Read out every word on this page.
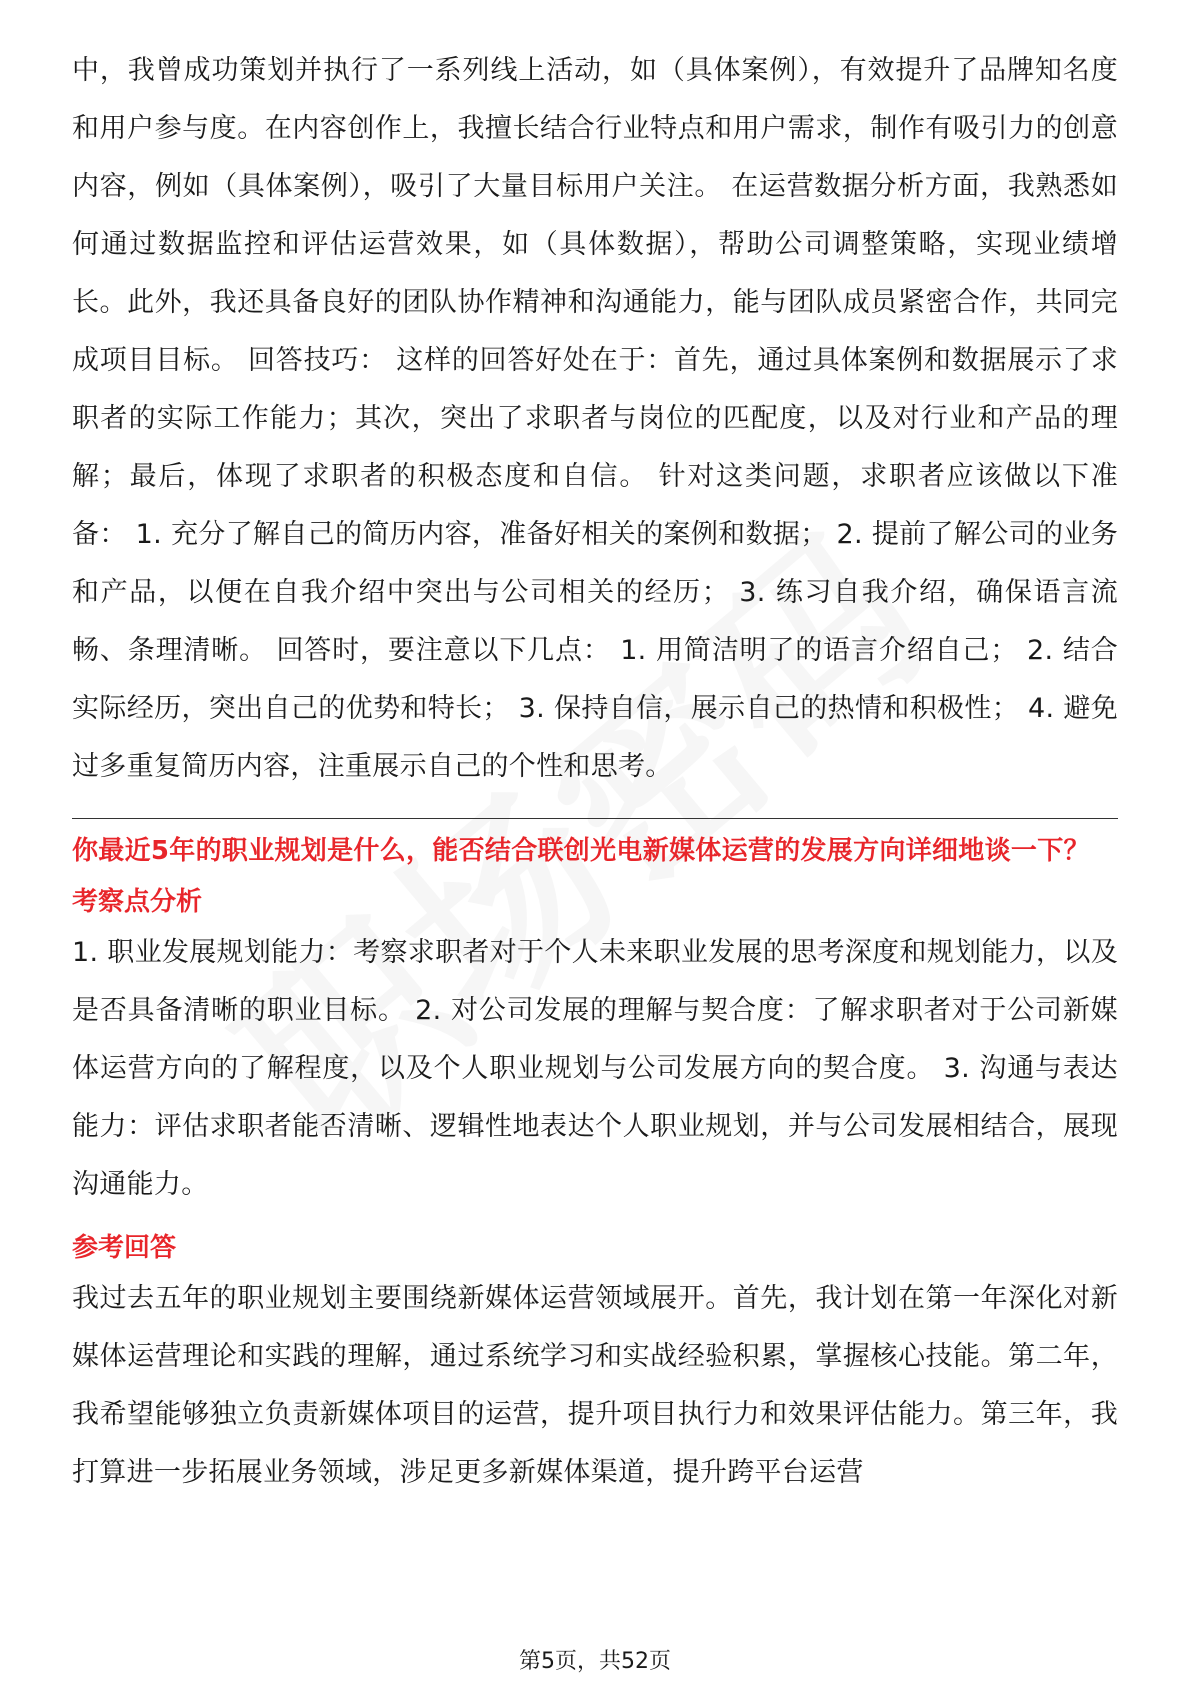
中，我曾成功策划并执行了一系列线上活动，如（具体案例），有效提升了品牌知名度和用户参与度。在内容创作上，我擅长结合行业特点和用户需求，制作有吸引力的创意内容，例如（具体案例），吸引了大量目标用户关注。 在运营数据分析方面，我熟悉如何通过数据监控和评估运营效果，如（具体数据），帮助公司调整策略，实现业绩增长。此外，我还具备良好的团队协作精神和沟通能力，能与团队成员紧密合作，共同完成项目目标。 回答技巧： 这样的回答好处在于：首先，通过具体案例和数据展示了求职者的实际工作能力；其次，突出了求职者与岗位的匹配度，以及对行业和产品的理解；最后，体现了求职者的积极态度和自信。 针对这类问题，求职者应该做以下准备： 1. 充分了解自己的简历内容，准备好相关的案例和数据； 2. 提前了解公司的业务和产品，以便在自我介绍中突出与公司相关的经历； 3. 练习自我介绍，确保语言流畅、条理清晰。 回答时，要注意以下几点： 1. 用简洁明了的语言介绍自己； 2. 结合实际经历，突出自己的优势和特长； 3. 保持自信，展示自己的热情和积极性； 4. 避免过多重复简历内容，注重展示自己的个性和思考。

你最近5年的职业规划是什么，能否结合联创光电新媒体运营的发展方向详细地谈一下？

考察点分析

1. 职业发展规划能力：考察求职者对于个人未来职业发展的思考深度和规划能力，以及是否具备清晰的职业目标。 2. 对公司发展的理解与契合度：了解求职者对于公司新媒体运营方向的了解程度，以及个人职业规划与公司发展方向的契合度。 3. 沟通与表达能力：评估求职者能否清晰、逻辑性地表达个人职业规划，并与公司发展相结合，展现沟通能力。

参考回答

我过去五年的职业规划主要围绕新媒体运营领域展开。首先，我计划在第一年深化对新媒体运营理论和实践的理解，通过系统学习和实战经验积累，掌握核心技能。第二年，我希望能够独立负责新媒体项目的运营，提升项目执行力和效果评估能力。第三年，我打算进一步拓展业务领域，涉足更多新媒体渠道，提升跨平台运营

第5页，共52页
